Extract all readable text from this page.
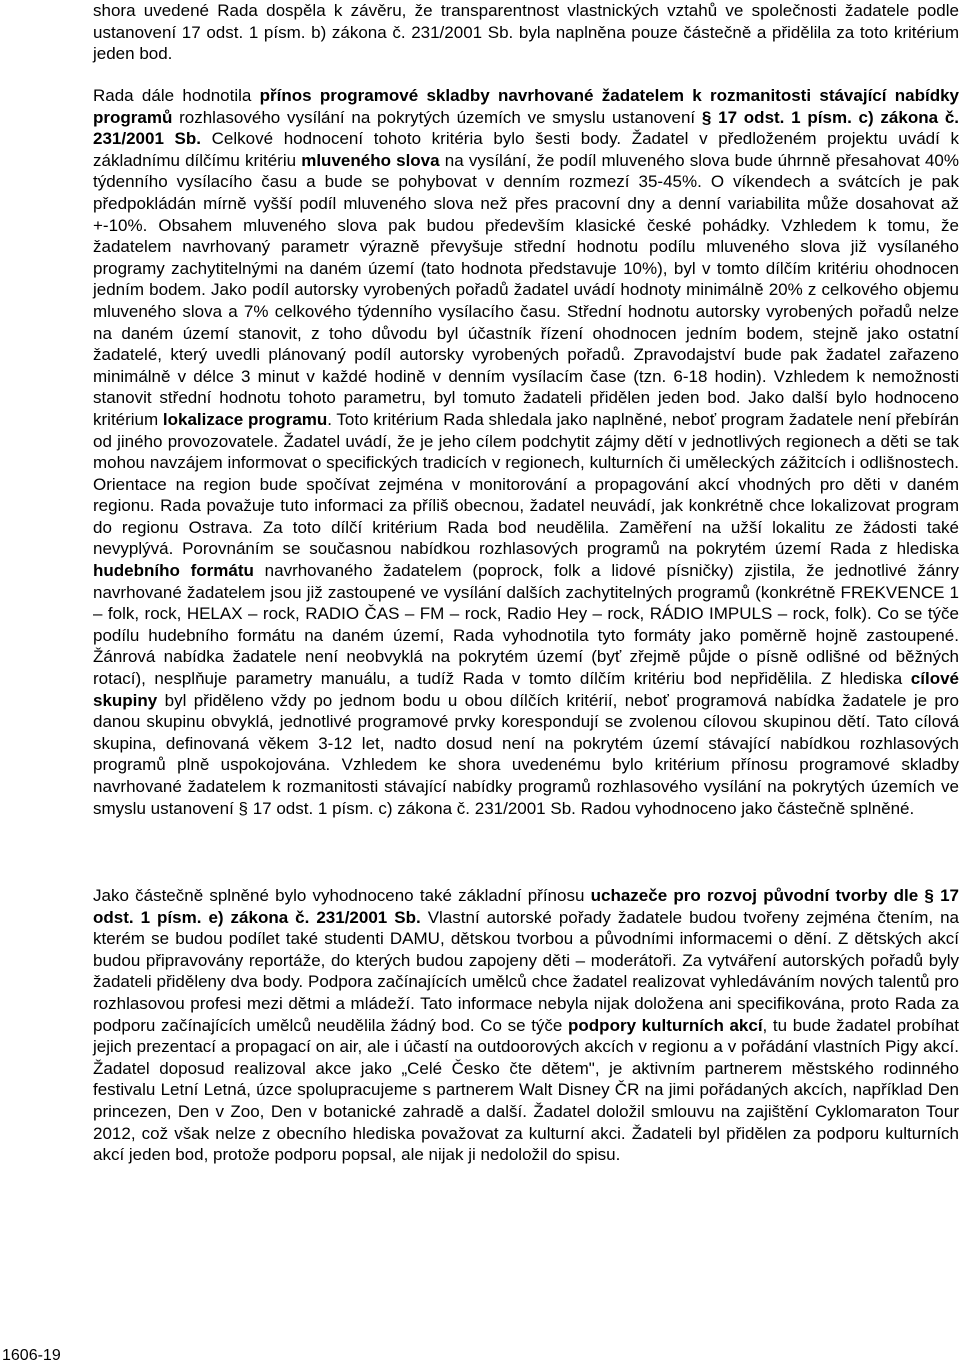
shora uvedené Rada dospěla k závěru, že transparentnost vlastnických vztahů ve společnosti žadatele podle ustanovení 17 odst. 1 písm. b) zákona č. 231/2001 Sb. byla naplněna pouze částečně a přidělila za toto kritérium jeden bod.

Rada dále hodnotila přínos programové skladby navrhované žadatelem k rozmanitosti stávající nabídky programů rozhlasového vysílání na pokrytých územích ve smyslu ustanovení § 17 odst. 1 písm. c) zákona č. 231/2001 Sb. Celkové hodnocení tohoto kritéria bylo šesti body. Žadatel v předloženém projektu uvádí k základnímu dílčímu kritériu mluveného slova na vysílání, že podíl mluveného slova bude úhrnně přesahovat 40% týdenního vysílacího času a bude se pohybovat v denním rozmezí 35-45%. O víkendech a svátcích je pak předpokládán mírně vyšší podíl mluveného slova než přes pracovní dny a denní variabilita může dosahovat až +-10%. Obsahem mluveného slova pak budou především klasické české pohádky. Vzhledem k tomu, že žadatelem navrhovaný parametr výrazně převyšuje střední hodnotu podílu mluveného slova již vysílaného programy zachytitelnými na daném území (tato hodnota představuje 10%), byl v tomto dílčím kritériu ohodnocen jedním bodem. Jako podíl autorsky vyrobených pořadů žadatel uvádí hodnoty minimálně 20% z celkového objemu mluveného slova a 7% celkového týdenního vysílacího času. Střední hodnotu autorsky vyrobených pořadů nelze na daném území stanovit, z toho důvodu byl účastník řízení ohodnocen jedním bodem, stejně jako ostatní žadatelé, který uvedli plánovaný podíl autorsky vyrobených pořadů. Zpravodajství bude pak žadatel zařazeno minimálně v délce 3 minut v každé hodině v denním vysílacím čase (tzn. 6-18 hodin). Vzhledem k nemožnosti stanovit střední hodnotu tohoto parametru, byl tomuto žadateli přidělen jeden bod. Jako další bylo hodnoceno kritérium lokalizace programu. Toto kritérium Rada shledala jako naplněné, neboť program žadatele není přebírán od jiného provozovatele. Žadatel uvádí, že je jeho cílem podchytit zájmy dětí v jednotlivých regionech a děti se tak mohou navzájem informovat o specifických tradicích v regionech, kulturních či uměleckých zážitcích i odlišnostech. Orientace na region bude spočívat zejména v monitorování a propagování akcí vhodných pro děti v daném regionu. Rada považuje tuto informaci za příliš obecnou, žadatel neuvádí, jak konkrétně chce lokalizovat program do regionu Ostrava. Za toto dílčí kritérium Rada bod neudělila. Zaměření na užší lokalitu ze žádosti také nevyplývá. Porovnáním se současnou nabídkou rozhlasových programů na pokrytém území Rada z hlediska hudebního formátu navrhovaného žadatelem (poprock, folk a lidové písničky) zjistila, že jednotlivé žánry navrhované žadatelem jsou již zastoupené ve vysílání dalších zachytitelných programů (konkrétně FREKVENCE 1 – folk, rock, HELAX – rock, RADIO ČAS – FM – rock, Radio Hey – rock, RÁDIO IMPULS – rock, folk). Co se týče podílu hudebního formátu na daném území, Rada vyhodnotila tyto formáty jako poměrně hojně zastoupené. Žánrová nabídka žadatele není neobvyklá na pokrytém území (byť zřejmě půjde o písně odlišné od běžných rotací), nesplňuje parametry manuálu, a tudíž Rada v tomto dílčím kritériu bod nepřidělila. Z hlediska cílové skupiny byl přiděleno vždy po jednom bodu u obou dílčích kritérií, neboť programová nabídka žadatele je pro danou skupinu obvyklá, jednotlivé programové prvky korespondují se zvolenou cílovou skupinou dětí. Tato cílová skupina, definovaná věkem 3-12 let, nadto dosud není na pokrytém území stávající nabídkou rozhlasových programů plně uspokojována. Vzhledem ke shora uvedenému bylo kritérium přínosu programové skladby navrhované žadatelem k rozmanitosti stávající nabídky programů rozhlasového vysílání na pokrytých územích ve smyslu ustanovení § 17 odst. 1 písm. c) zákona č. 231/2001 Sb. Radou vyhodnoceno jako částečně splněné.

Jako částečně splněné bylo vyhodnoceno také základní přínosu uchazeče pro rozvoj původní tvorby dle § 17 odst. 1 písm. e) zákona č. 231/2001 Sb. Vlastní autorské pořady žadatele budou tvořeny zejména čtením, na kterém se budou podílet také studenti DAMU, dětskou tvorbou a původními informacemi o dění. Z dětských akcí budou připravovány reportáže, do kterých budou zapojeny děti – moderátoři. Za vytváření autorských pořadů byly žadateli přiděleny dva body. Podpora začínajících umělců chce žadatel realizovat vyhledáváním nových talentů pro rozhlasovou profesi mezi dětmi a mládeží. Tato informace nebyla nijak doložena ani specifikována, proto Rada za podporu začínajících umělců neudělila žádný bod. Co se týče podpory kulturních akcí, tu bude žadatel probíhat jejich prezentací a propagací on air, ale i účastí na outdoorových akcích v regionu a v pořádání vlastních Pigy akcí. Žadatel doposud realizoval akce jako „Celé Česko čte dětem", je aktivním partnerem městského rodinného festivalu Letní Letná, úzce spolupracujeme s partnerem Walt Disney ČR na jimi pořádaných akcích, například Den princezen, Den v Zoo, Den v botanické zahradě a další. Žadatel doložil smlouvu na zajištění Cyklomaraton Tour 2012, což však nelze z obecního hlediska považovat za kulturní akci. Žadateli byl přidělen za podporu kulturních akcí jeden bod, protože podporu popsal, ale nijak ji nedoložil do spisu.

1606-19
